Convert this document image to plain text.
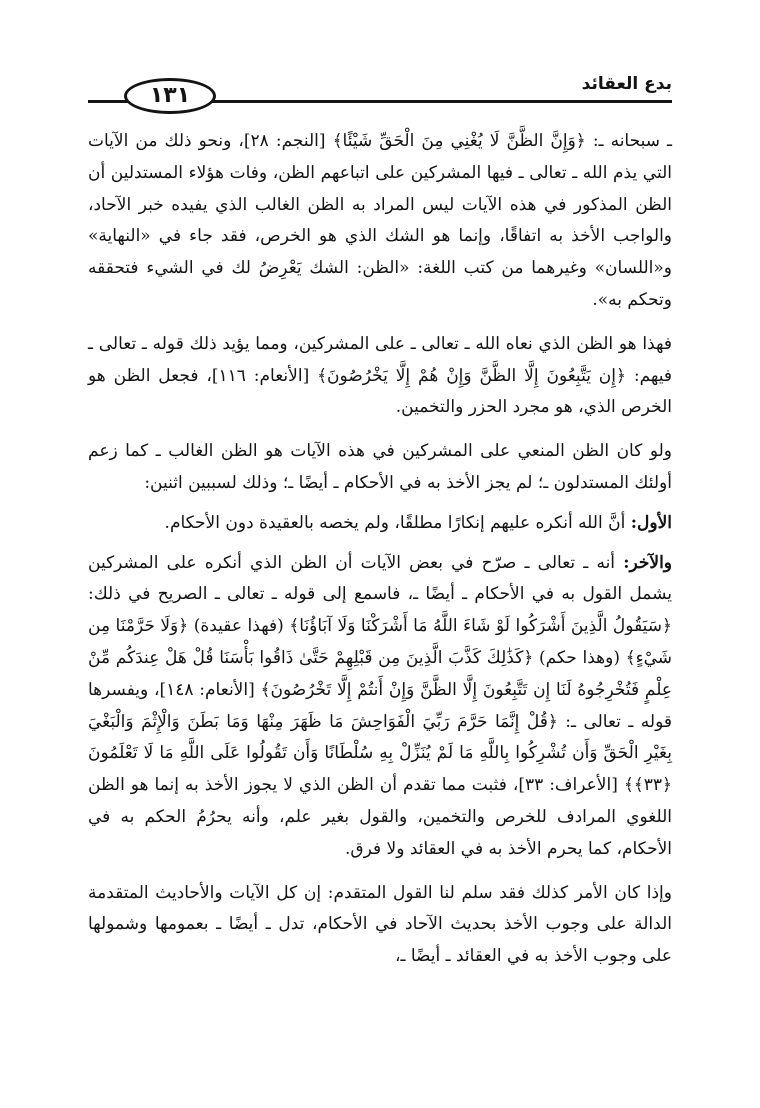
بدع العقائد
١٣١

ـ سبحانه ـ: ﴿وَإِنَّ الظَّنَّ لَا يُغْنِي مِنَ الْحَقِّ شَيْئًا﴾ [النجم: ٢٨]، ونحو ذلك من الآيات التي يذم الله ـ تعالى ـ فيها المشركين على اتباعهم الظن، وفات هؤلاء المستدلين أن الظن المذكور في هذه الآيات ليس المراد به الظن الغالب الذي يفيده خبر الآحاد، والواجب الأخذ به اتفاقًا، وإنما هو الشك الذي هو الخرص، فقد جاء في «النهاية» و«اللسان» وغيرهما من كتب اللغة: «الظن: الشك يَعْرِضُ لك في الشيء فتحققه وتحكم به».

فهذا هو الظن الذي نعاه الله ـ تعالى ـ على المشركين، ومما يؤيد ذلك قوله ـ تعالى ـ فيهم: ﴿إِن يَتَّبِعُونَ إِلَّا الظَّنَّ وَإِنْ هُمْ إِلَّا يَخْرُصُونَ﴾ [الأنعام: ١١٦]، فجعل الظن هو الخرص الذي، هو مجرد الحزر والتخمين.

ولو كان الظن المنعي على المشركين في هذه الآيات هو الظن الغالب ـ كما زعم أولئك المستدلون ـ؛ لم يجز الأخذ به في الأحكام ـ أيضًا ـ؛ وذلك لسببين اثنين:

الأول: أنَّ الله أنكره عليهم إنكارًا مطلقًا، ولم يخصه بالعقيدة دون الأحكام.

والآخر: أنه ـ تعالى ـ صرّح في بعض الآيات أن الظن الذي أنكره على المشركين يشمل القول به في الأحكام ـ أيضًا ـ، فاسمع إلى قوله ـ تعالى ـ الصريح في ذلك: ﴿سَيَقُولُ الَّذِينَ أَشْرَكُوا لَوْ شَاءَ اللَّهُ مَا أَشْرَكْنَا وَلَا آبَاؤُنَا﴾ (فهذا عقيدة) ﴿وَلَا حَرَّمْنَا مِن شَيْءٍ﴾ (وهذا حكم) ﴿كَذَٰلِكَ كَذَّبَ الَّذِينَ مِن قَبْلِهِمْ حَتَّىٰ ذَاقُوا بَأْسَنَا قُلْ هَلْ عِندَكُم مِّنْ عِلْمٍ فَتُخْرِجُوهُ لَنَا إِن تَتَّبِعُونَ إِلَّا الظَّنَّ وَإِنْ أَنتُمْ إِلَّا تَخْرُصُونَ﴾ [الأنعام: ١٤٨]، ويفسرها قوله ـ تعالى ـ: ﴿قُلْ إِنَّمَا حَرَّمَ رَبِّيَ الْفَوَاحِشَ مَا ظَهَرَ مِنْهَا وَمَا بَطَنَ وَالْإِثْمَ وَالْبَغْيَ بِغَيْرِ الْحَقِّ وَأَن تُشْرِكُوا بِاللَّهِ مَا لَمْ يُنَزِّلْ بِهِ سُلْطَانًا وَأَن تَقُولُوا عَلَى اللَّهِ مَا لَا تَعْلَمُونَ ﴿٣٣﴾﴾ [الأعراف: ٣٣]، فثبت مما تقدم أن الظن الذي لا يجوز الأخذ به إنما هو الظن اللغوي المرادف للخرص والتخمين، والقول بغير علم، وأنه يحرُمُ الحكم به في الأحكام، كما يحرم الأخذ به في العقائد ولا فرق.

وإذا كان الأمر كذلك فقد سلم لنا القول المتقدم: إن كل الآيات والأحاديث المتقدمة الدالة على وجوب الأخذ بحديث الآحاد في الأحكام، تدل ـ أيضًا ـ بعمومها وشمولها على وجوب الأخذ به في العقائد ـ أيضًا ـ،
